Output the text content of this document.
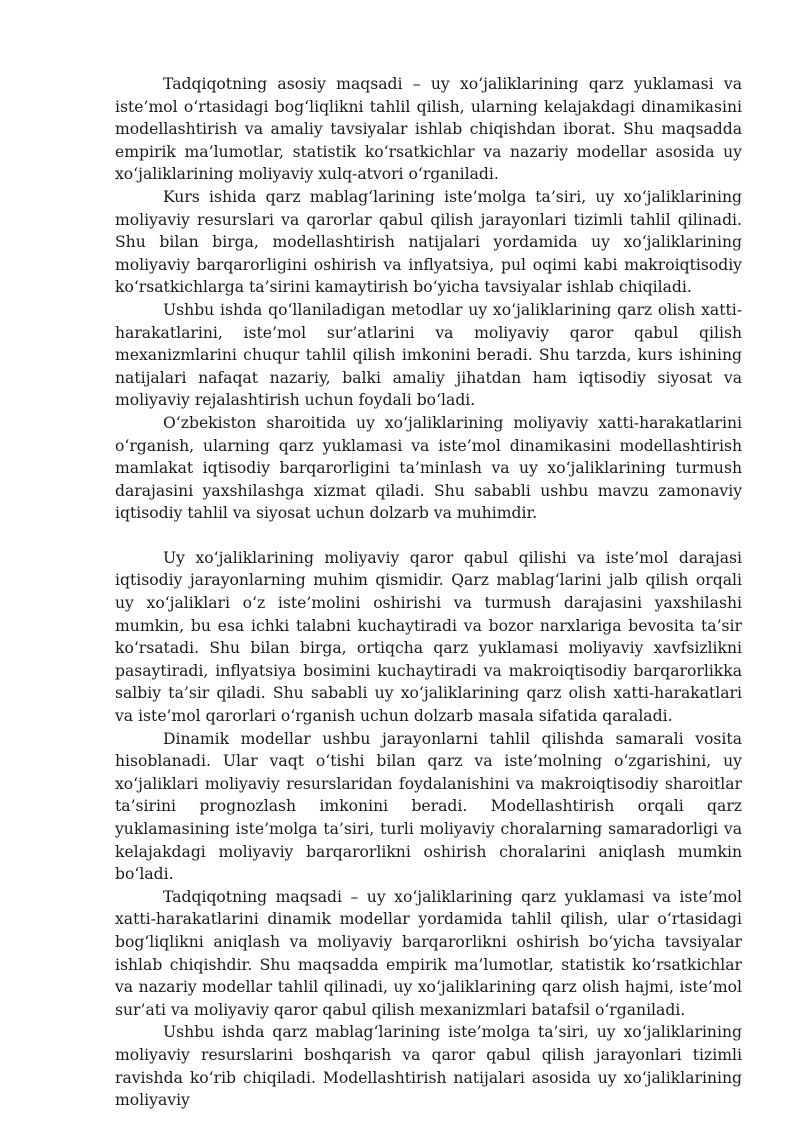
Tadqiqotning asosiy maqsadi – uy xo‘jaliklarining qarz yuklamasi va iste’mol o‘rtasidagi bog‘liqlikni tahlil qilish, ularning kelajakdagi dinamikasini modellashtirish va amaliy tavsiyalar ishlab chiqishdan iborat. Shu maqsadda empirik ma’lumotlar, statistik ko‘rsatkichlar va nazariy modellar asosida uy xo‘jaliklarining moliyaviy xulq-atvori o‘rganiladi.

Kurs ishida qarz mablag‘larining iste’molga ta’siri, uy xo‘jaliklarining moliyaviy resurslari va qarorlar qabul qilish jarayonlari tizimli tahlil qilinadi. Shu bilan birga, modellashtirish natijalari yordamida uy xo‘jaliklarining moliyaviy barqarorligini oshirish va inflyatsiya, pul oqimi kabi makroiqtisodiy ko‘rsatkichlarga ta’sirini kamaytirish bo‘yicha tavsiyalar ishlab chiqiladi.

Ushbu ishda qo‘llaniladigan metodlar uy xo‘jaliklarining qarz olish xatti-harakatlarini, iste’mol sur’atlarini va moliyaviy qaror qabul qilish mexanizmlarini chuqur tahlil qilish imkonini beradi. Shu tarzda, kurs ishining natijalari nafaqat nazariy, balki amaliy jihatdan ham iqtisodiy siyosat va moliyaviy rejalashtirish uchun foydali bo‘ladi.

O‘zbekiston sharoitida uy xo‘jaliklarining moliyaviy xatti-harakatlarini o‘rganish, ularning qarz yuklamasi va iste’mol dinamikasini modellashtirish mamlakat iqtisodiy barqarorligini ta’minlash va uy xo‘jaliklarining turmush darajasini yaxshilashga xizmat qiladi. Shu sababli ushbu mavzu zamonaviy iqtisodiy tahlil va siyosat uchun dolzarb va muhimdir.

Uy xo‘jaliklarining moliyaviy qaror qabul qilishi va iste’mol darajasi iqtisodiy jarayonlarning muhim qismidir. Qarz mablag‘larini jalb qilish orqali uy xo‘jaliklari o‘z iste’molini oshirishi va turmush darajasini yaxshilashi mumkin, bu esa ichki talabni kuchaytiradi va bozor narxlariga bevosita ta’sir ko‘rsatadi. Shu bilan birga, ortiqcha qarz yuklamasi moliyaviy xavfsizlikni pasaytiradi, inflyatsiya bosimini kuchaytiradi va makroiqtisodiy barqarorlikka salbiy ta’sir qiladi. Shu sababli uy xo‘jaliklarining qarz olish xatti-harakatlari va iste’mol qarorlari o‘rganish uchun dolzarb masala sifatida qaraladi.

Dinamik modellar ushbu jarayonlarni tahlil qilishda samarali vosita hisoblanadi. Ular vaqt o‘tishi bilan qarz va iste’molning o‘zgarishini, uy xo‘jaliklari moliyaviy resurslaridan foydalanishini va makroiqtisodiy sharoitlar ta’sirini prognozlash imkonini beradi. Modellashtirish orqali qarz yuklamasining iste’molga ta’siri, turli moliyaviy choralarning samaradorligi va kelajakdagi moliyaviy barqarorlikni oshirish choralarini aniqlash mumkin bo‘ladi.

Tadqiqotning maqsadi – uy xo‘jaliklarining qarz yuklamasi va iste’mol xatti-harakatlarini dinamik modellar yordamida tahlil qilish, ular o‘rtasidagi bog‘liqlikni aniqlash va moliyaviy barqarorlikni oshirish bo‘yicha tavsiyalar ishlab chiqishdir. Shu maqsadda empirik ma’lumotlar, statistik ko‘rsatkichlar va nazariy modellar tahlil qilinadi, uy xo‘jaliklarining qarz olish hajmi, iste’mol sur’ati va moliyaviy qaror qabul qilish mexanizmlari batafsil o‘rganiladi.

Ushbu ishda qarz mablag‘larining iste’molga ta’siri, uy xo‘jaliklarining moliyaviy resurslarini boshqarish va qaror qabul qilish jarayonlari tizimli ravishda ko‘rib chiqiladi. Modellashtirish natijalari asosida uy xo‘jaliklarining moliyaviy
